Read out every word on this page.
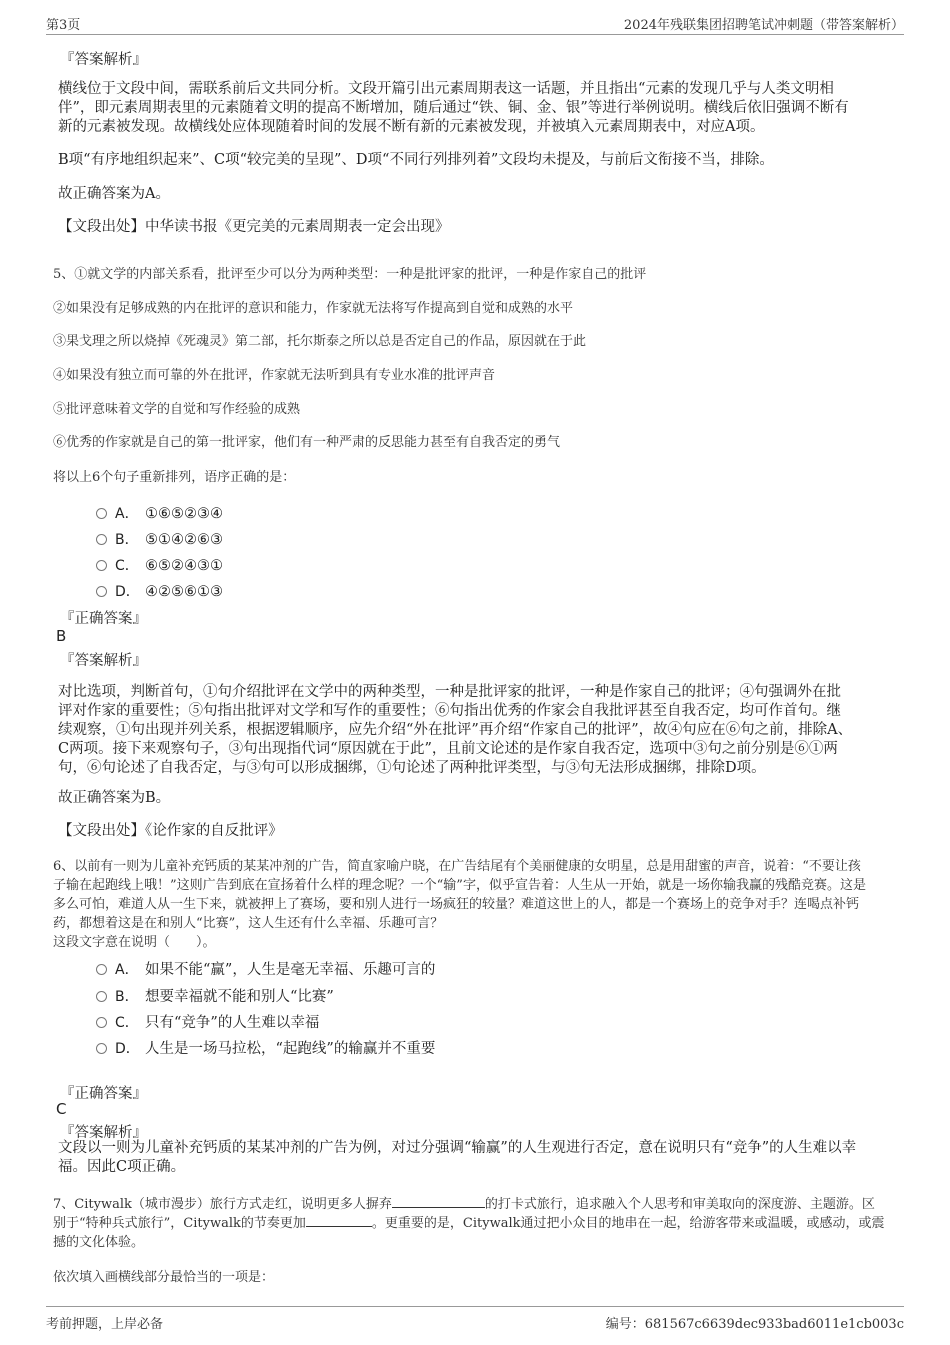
第3页	2024年残联集团招聘笔试冲刺题（带答案解析）
『答案解析』
横线位于文段中间，需联系前后文共同分析。文段开篇引出元素周期表这一话题，并且指出“元素的发现几乎与人类文明相
伴”，即元素周期表里的元素随着文明的提高不断增加，随后通过“铁、铜、金、银”等进行举例说明。横线后依旧强调不断有
新的元素被发现。故横线处应体现随着时间的发展不断有新的元素被发现，并被填入元素周期表中，对应A项。
B项“有序地组织起来”、C项“较完美的呈现”、D项“不同行列排列着”文段均未提及，与前后文衔接不当，排除。
故正确答案为A。
【文段出处】中华读书报《更完美的元素周期表一定会出现》
5、①就文学的内部关系看，批评至少可以分为两种类型：一种是批评家的批评，一种是作家自己的批评
②如果没有足够成熟的内在批评的意识和能力，作家就无法将写作提高到自觉和成熟的水平
③果戈理之所以烧掉《死魂灵》第二部，托尔斯泰之所以总是否定自己的作品，原因就在于此
④如果没有独立而可靠的外在批评，作家就无法听到具有专业水准的批评声音
⑤批评意味着文学的自觉和写作经验的成熟
⑥优秀的作家就是自己的第一批评家，他们有一种严肃的反思能力甚至有自我否定的勇气
将以上6个句子重新排列，语序正确的是：
A． ①⑥⑤②③④
B． ⑤①④②⑥③
C． ⑥⑤②④③①
D． ④②⑤⑥①③
『正确答案』
B
『答案解析』
对比选项，判断首句，①句介绍批评在文学中的两种类型，一种是批评家的批评，一种是作家自己的批评；④句强调外在批
评对作家的重要性；⑤句指出批评对文学和写作的重要性；⑥句指出优秀的作家会自我批评甚至自我否定，均可作首句。继
续观察，①句出现并列关系，根据逻辑顺序，应先介绍“外在批评”再介绍“作家自己的批评”，故④句应在⑥句之前，排除A、
C两项。接下来观察句子，③句出现指代词“原因就在于此”，且前文论述的是作家自我否定，选项中③句之前分别是⑥①两
句，⑥句论述了自我否定，与③句可以形成捆绑，①句论述了两种批评类型，与③句无法形成捆绑，排除D项。
故正确答案为B。
【文段出处】《论作家的自反批评》
6、以前有一则为儿童补充钙质的某某冲剂的广告，简直家喻户晓，在广告结尾有个美丽健康的女明星，总是用甜蜜的声音，说着：“不要让孩
子输在起跑线上哦！”这则广告到底在宣扬着什么样的理念呢？一个“输”字，似乎宣告着：人生从一开始，就是一场你输我赢的残酷竞赛。这是
多么可怕，难道人从一生下来，就被押上了赛场，要和别人进行一场疯狂的较量？难道这世上的人，都是一个赛场上的竞争对手？连喝点补钙
药，都想着这是在和别人“比赛”，这人生还有什么幸福、乐趣可言？
这段文字意在说明（　　）。
A． 如果不能“赢”，人生是毫无幸福、乐趣可言的
B． 想要幸福就不能和别人“比赛”
C． 只有“竞争”的人生难以幸福
D． 人生是一场马拉松，“起跑线”的输赢并不重要
『正确答案』
C
『答案解析』
文段以一则为儿童补充钙质的某某冲剂的广告为例，对过分强调“输赢”的人生观进行否定，意在说明只有“竞争”的人生难以幸
福。因此C项正确。
7、Citywalk（城市漫步）旅行方式走红，说明更多人摒弃	的打卡式旅行，追求融入个人思考和审美取向的深度游、主题游。区
别于“特种兵式旅行”，Citywalk的节奏更加	。更重要的是，Citywalk通过把小众目的地串在一起，给游客带来或温暖，或感动，或震
撼的文化体验。
依次填入画横线部分最恰当的一项是：
考前押题，上岸必备	编号：681567c6639dec933bad6011e1cb003c
